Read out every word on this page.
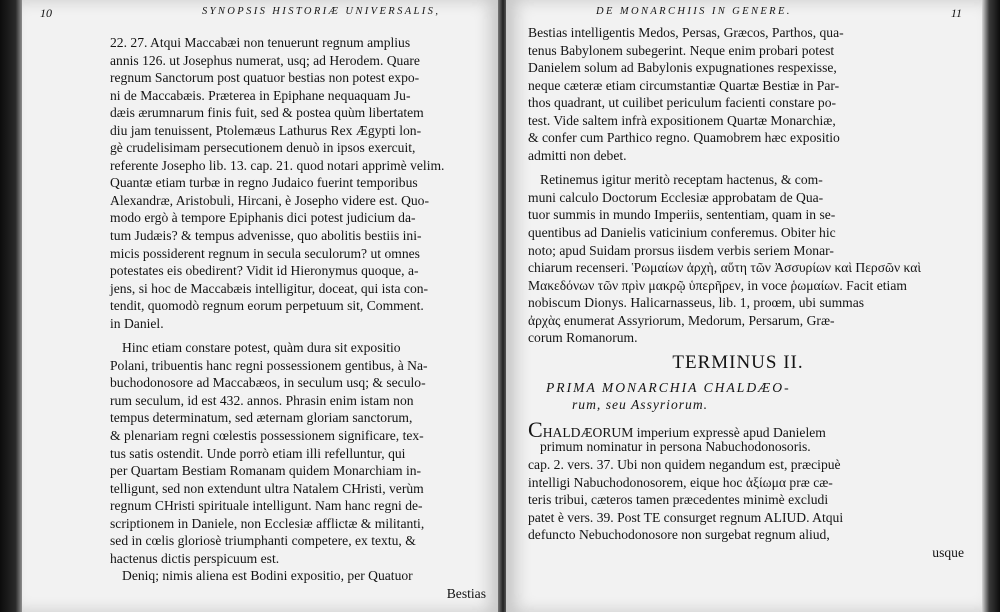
10	SYNOPSIS HISTORIÆ UNIVERSALIS,
22. 27. Atqui Maccabæi non tenuerunt regnum amplius
annis 126. ut Josephus numerat, usq; ad Herodem. Quare
regnum Sanctorum post quatuor bestias non potest expo-
ni de Maccabæis. Præterea in Epiphane nequaquam Ju-
dæis ærumnarum finis fuit, sed & postea quùm libertatem
diu jam tenuissent, Ptolemæus Lathurus Rex Ægypti lon-
gè crudelisimam persecutionem denuò in ipsos exercuit,
referente Josepho lib. 13. cap. 21. quod notari apprimè velim.
Quantæ etiam turbæ in regno Judaico fuerint temporibus
Alexandræ, Aristobuli, Hircani, è Josepho videre est. Quo-
modo ergò à tempore Epiphanis dici potest judicium da-
tum Judæis? & tempus advenisse, quo abolitis bestiis ini-
micis possiderent regnum in secula seculorum? ut omnes
potestates eis obedirent? Vidit id Hieronymus quoque, a-
jens, si hoc de Maccabæis intelligitur, doceat, qui ista con-
tendit, quomodò regnum eorum perpetuum sit, Comment.
in Daniel.
Hinc etiam constare potest, quàm dura sit expositio
Polani, tribuentis hanc regni possessionem gentibus, à Na-
buchodonosore ad Maccabæos, in seculum usq; & seculo-
rum seculum, id est 432. annos. Phrasin enim istam non
tempus determinatum, sed æternam gloriam sanctorum,
& plenariam regni cœlestis possessionem significare, tex-
tus satis ostendit. Unde porrò etiam illi refelluntur, qui
per Quartam Bestiam Romanam quidem Monarchiam in-
telligunt, sed non extendunt ultra Natalem CHristi, verùm
regnum CHristi spirituale intelligunt. Nam hanc regni de-
scriptionem in Daniele, non Ecclesiæ afflictæ & militanti,
sed in cœlis gloriosè triumphanti competere, ex textu, &
hactenus dictis perspicuum est.
Deniq; nimis aliena est Bodini expositio, per Quatuor
Bestias
DE MONARCHIIS IN GENERE.	11
Bestias intelligentis Medos, Persas, Græcos, Parthos, qua-
tenus Babylonem subegerint. Neque enim probari potest
Danielem solum ad Babylonis expugnationes respexisse,
neque cæteræ etiam circumstantiæ Quartæ Bestiæ in Par-
thos quadrant, ut cuilibet periculum facienti constare po-
test. Vide saltem infrà expositionem Quartæ Monarchiæ,
& confer cum Parthico regno. Quamobrem hæc expositio
admitti non debet.
Retinemus igitur meritò receptam hactenus, & com-
muni calculo Doctorum Ecclesiæ approbatam de Qua-
tuor summis in mundo Imperiis, sententiam, quam in se-
quentibus ad Danielis vaticinium conferemus. Obiter hic
noto; apud Suidam prorsus iisdem verbis seriem Monar-
chiarum recenseri. Ῥωμαίων ἀρχὴ, αὕτη τῶν Ἀσσυρίων καὶ Περσῶν καὶ
Μακεδόνων τῶν πρὶν μακρῷ ὑπερῆρεν, in voce ῥωμαίων. Facit etiam
nobiscum Dionys. Halicarnasseus, lib. 1, proœm, ubi summas
ἀρχὰς enumerat Assyriorum, Medorum, Persarum, Græ-
corum Romanorum.
TERMINUS II.
PRIMA MONARCHIA CHALDÆO-
rum, seu Assyriorum.
CHALDÆORUM imperium expressè apud Danielem
primum nominatur in persona Nabuchodonosoris.
cap. 2. vers. 37. Ubi non quidem negandum est, præcipuè
intelligi Nabuchodonosorem, eique hoc ἀξίωμα præ cæ-
teris tribui, cæteros tamen præcedentes minimè excludi
patet è vers. 39. Post TE consurget regnum ALIUD. Atqui
defuncto Nebuchodonosore non surgebat regnum aliud,
usque
